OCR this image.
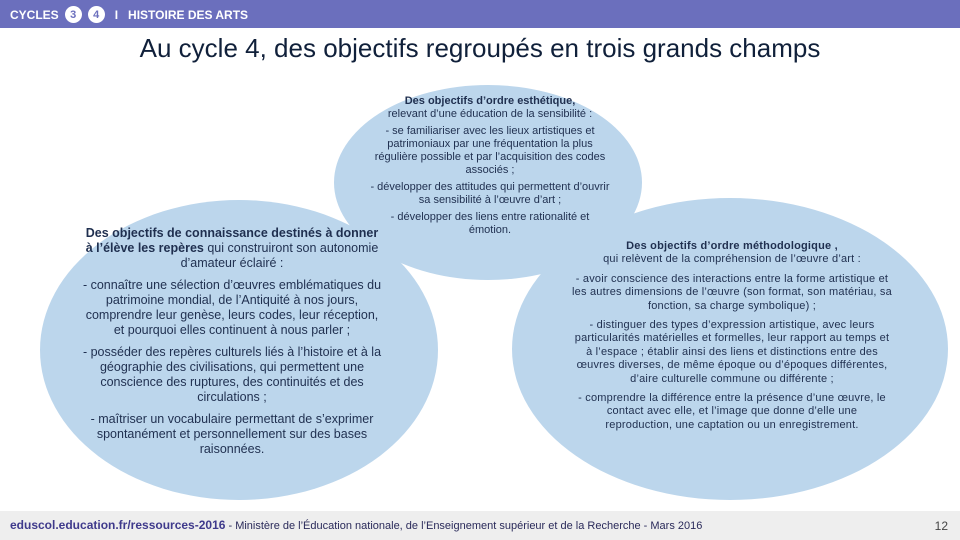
CYCLES	3	4	I HISTOIRE DES ARTS
Au cycle 4, des objectifs regroupés en trois grands champs

Des objectifs d’ordre esthétique,
relevant d’une éducation de la sensibilité :

- se familiariser avec les lieux artistiques et patrimoniaux par une fréquentation la plus régulière possible et par l’acquisition des codes associés ;

- développer des attitudes qui permettent d’ouvrir sa sensibilité à l’œuvre d’art ;

- développer des liens entre rationalité et émotion.

Des objectifs de connaissance destinés à donner à l’élève les repères qui construiront son autonomie d’amateur éclairé :

- connaître une sélection d’œuvres emblématiques du patrimoine mondial, de l’Antiquité à nos jours, comprendre leur genèse, leurs codes, leur réception, et pourquoi elles continuent à nous parler ;

- posséder des repères culturels liés à l’histoire et à la géographie des civilisations, qui permettent une conscience des ruptures, des continuités et des circulations ;

- maîtriser un vocabulaire permettant de s’exprimer spontanément et personnellement sur des bases raisonnées.

Des objectifs d’ordre méthodologique ,
qui relèvent de la compréhension de l’œuvre d’art :

- avoir conscience des interactions entre la forme artistique et les autres dimensions de l’œuvre (son format, son matériau, sa fonction, sa charge symbolique) ;

- distinguer des types d’expression artistique, avec leurs particularités matérielles et formelles, leur rapport au temps et à l’espace ; établir ainsi des liens et distinctions entre des œuvres diverses, de même époque ou d’époques différentes, d’aire culturelle commune ou différente ;

- comprendre la différence entre la présence d’une œuvre, le contact avec elle, et l’image que donne d’elle une reproduction, une captation ou un enregistrement.

eduscol.education.fr/ressources-2016 - Ministère de l’Éducation nationale, de l’Enseignement supérieur et de la Recherche - Mars 2016	12
